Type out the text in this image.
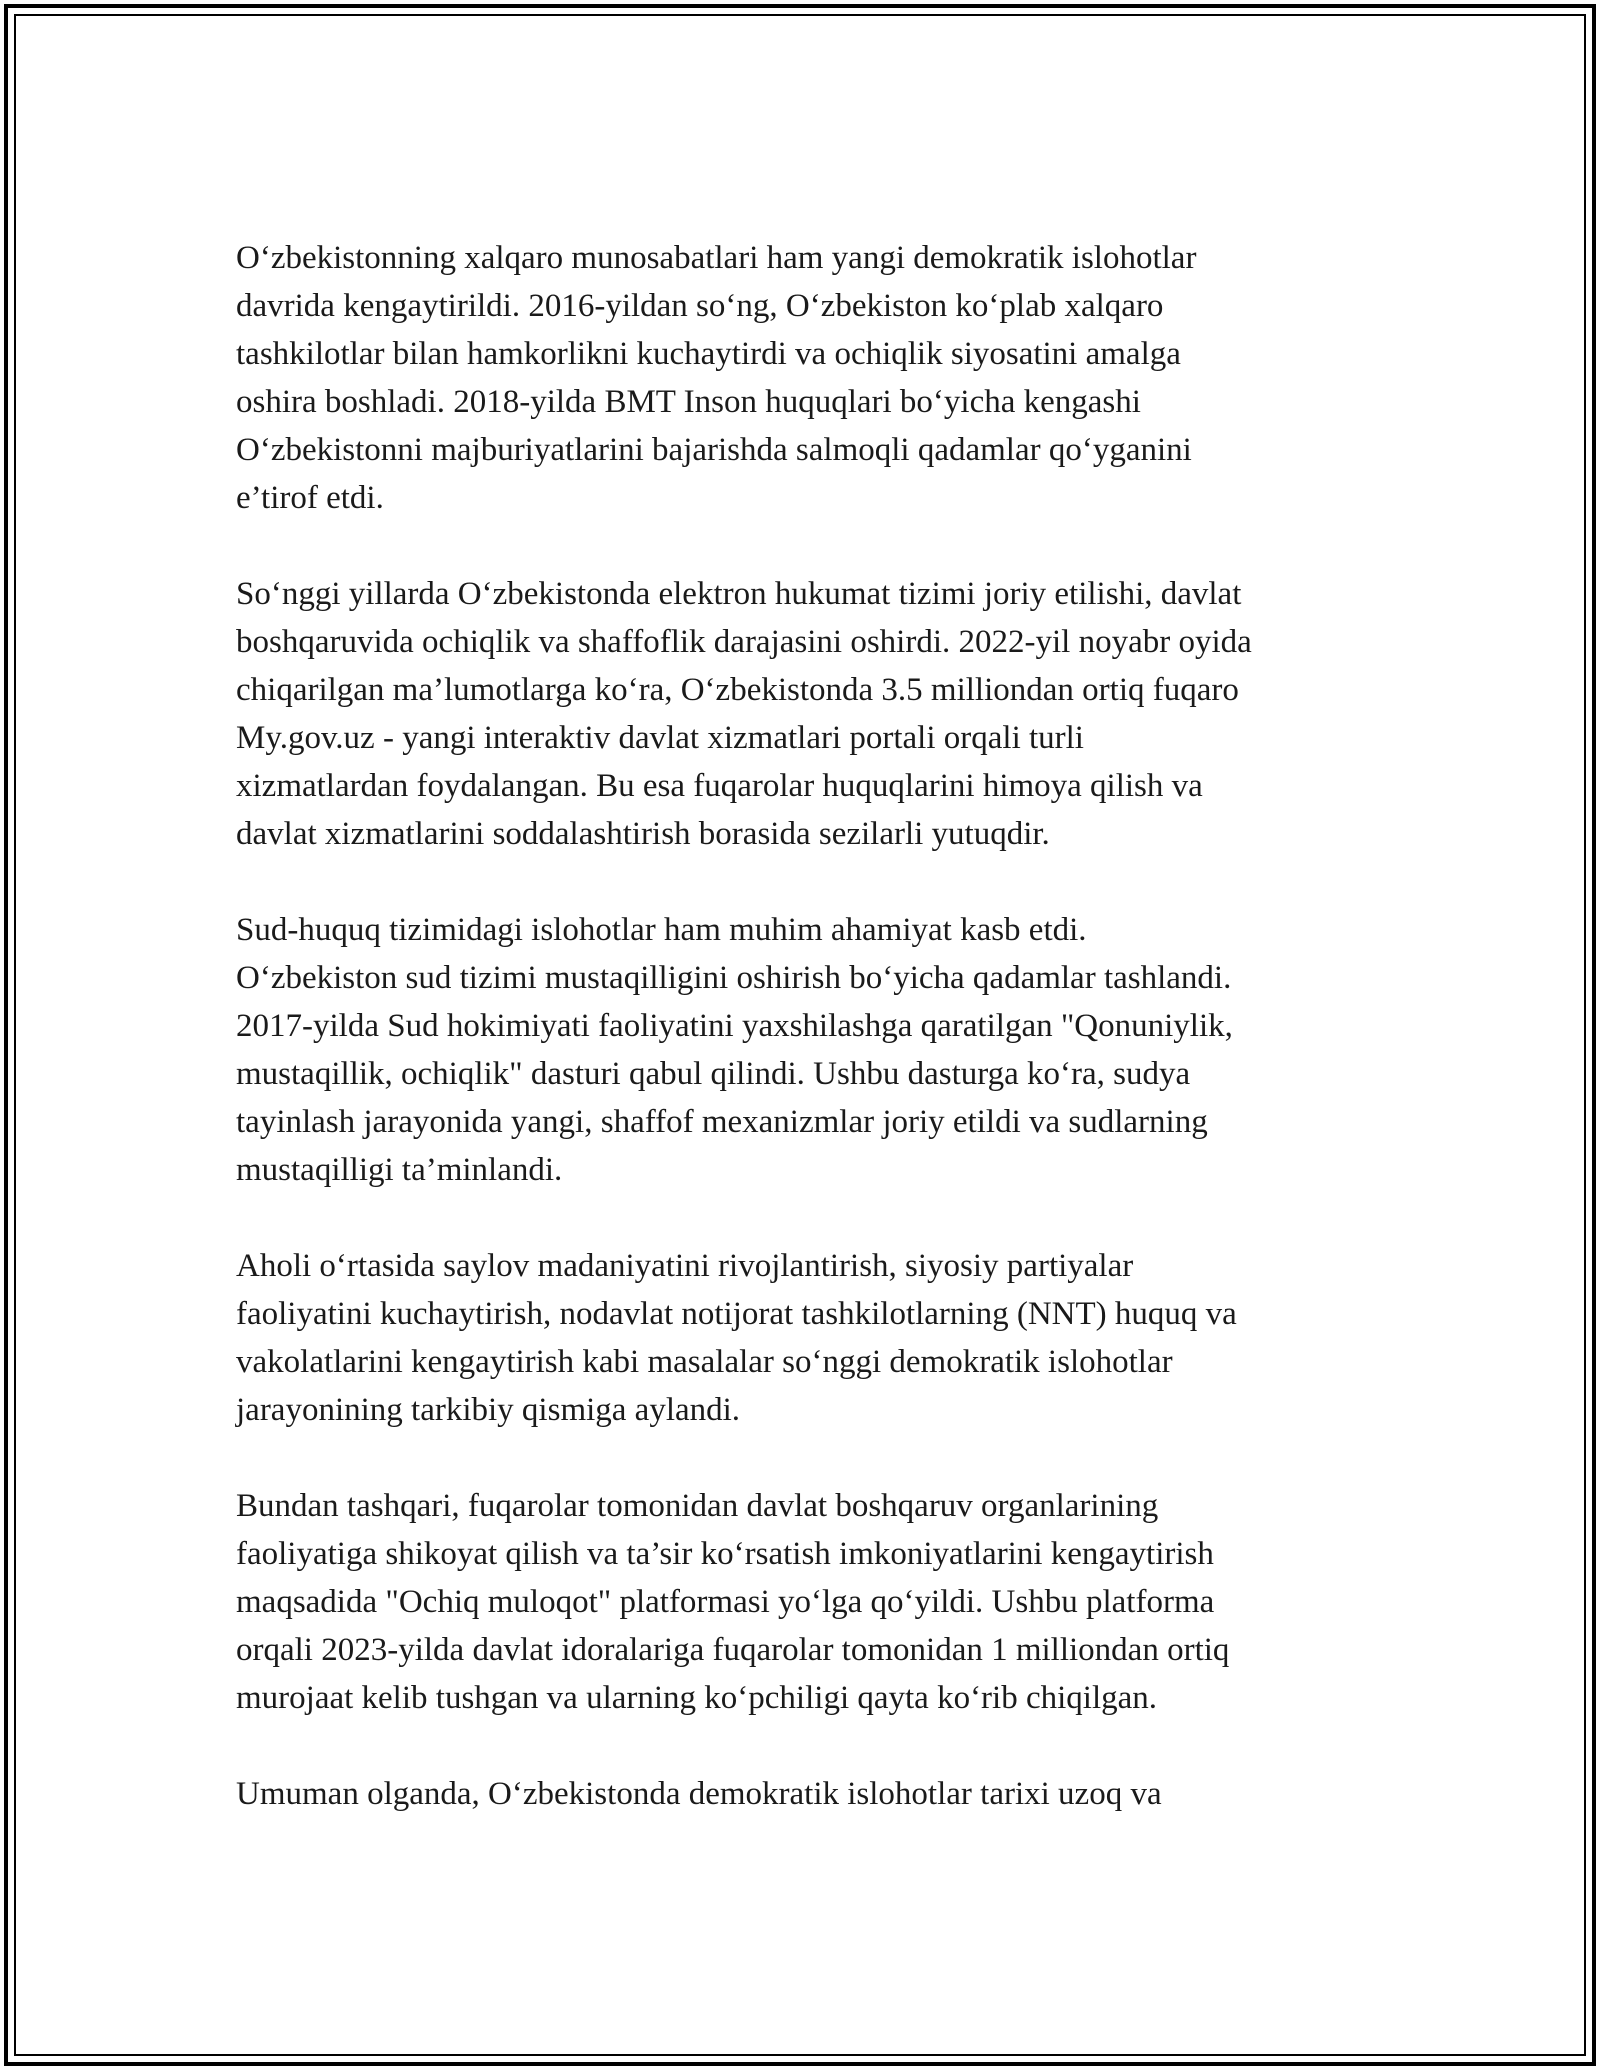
O‘zbekistonning xalqaro munosabatlari ham yangi demokratik islohotlar
davrida kengaytirildi. 2016-yildan so‘ng, O‘zbekiston ko‘plab xalqaro
tashkilotlar bilan hamkorlikni kuchaytirdi va ochiqlik siyosatini amalga
oshira boshladi. 2018-yilda BMT Inson huquqlari bo‘yicha kengashi
O‘zbekistonni majburiyatlarini bajarishda salmoqli qadamlar qo‘yganini
e’tirof etdi.

So‘nggi yillarda O‘zbekistonda elektron hukumat tizimi joriy etilishi, davlat
boshqaruvida ochiqlik va shaffoflik darajasini oshirdi. 2022-yil noyabr oyida
chiqarilgan ma’lumotlarga ko‘ra, O‘zbekistonda 3.5 milliondan ortiq fuqaro
My.gov.uz - yangi interaktiv davlat xizmatlari portali orqali turli
xizmatlardan foydalangan. Bu esa fuqarolar huquqlarini himoya qilish va
davlat xizmatlarini soddalashtirish borasida sezilarli yutuqdir.

Sud-huquq tizimidagi islohotlar ham muhim ahamiyat kasb etdi.
O‘zbekiston sud tizimi mustaqilligini oshirish bo‘yicha qadamlar tashlandi.
2017-yilda Sud hokimiyati faoliyatini yaxshilashga qaratilgan "Qonuniylik,
mustaqillik, ochiqlik" dasturi qabul qilindi. Ushbu dasturga ko‘ra, sudya
tayinlash jarayonida yangi, shaffof mexanizmlar joriy etildi va sudlarning
mustaqilligi ta’minlandi.

Aholi o‘rtasida saylov madaniyatini rivojlantirish, siyosiy partiyalar
faoliyatini kuchaytirish, nodavlat notijorat tashkilotlarning (NNT) huquq va
vakolatlarini kengaytirish kabi masalalar so‘nggi demokratik islohotlar
jarayonining tarkibiy qismiga aylandi.

Bundan tashqari, fuqarolar tomonidan davlat boshqaruv organlarining
faoliyatiga shikoyat qilish va ta’sir ko‘rsatish imkoniyatlarini kengaytirish
maqsadida "Ochiq muloqot" platformasi yo‘lga qo‘yildi. Ushbu platforma
orqali 2023-yilda davlat idoralariga fuqarolar tomonidan 1 milliondan ortiq
murojaat kelib tushgan va ularning ko‘pchiligi qayta ko‘rib chiqilgan.

Umuman olganda, O‘zbekistonda demokratik islohotlar tarixi uzoq va
